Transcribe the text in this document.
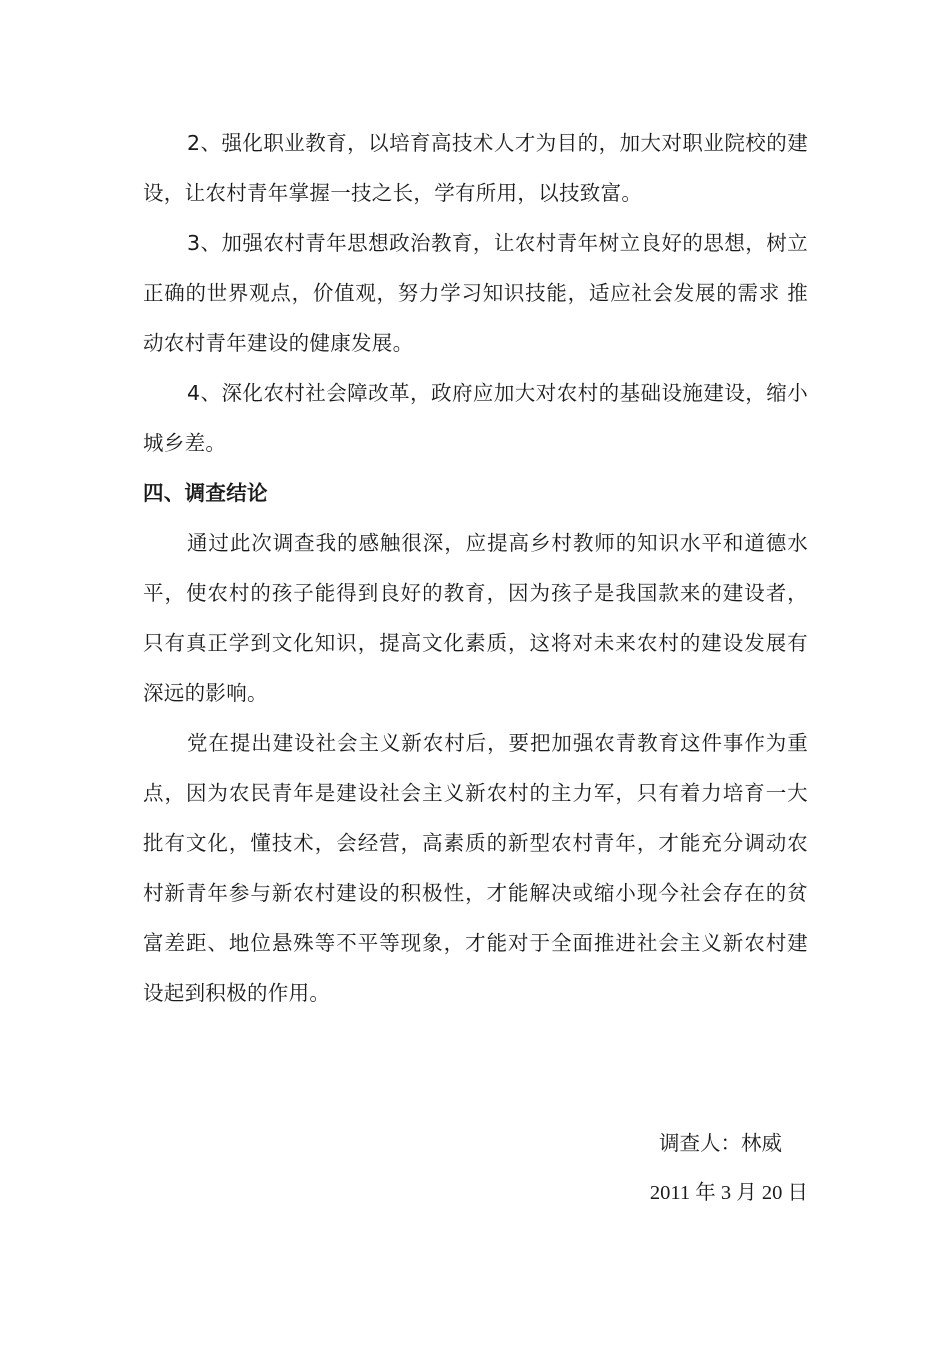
2、强化职业教育，以培育高技术人才为目的，加大对职业院校的建设，让农村青年掌握一技之长，学有所用，以技致富。

3、加强农村青年思想政治教育，让农村青年树立良好的思想，树立正确的世界观点，价值观，努力学习知识技能，适应社会发展的需求 推动农村青年建设的健康发展。

4、深化农村社会障改革，政府应加大对农村的基础设施建设，缩小城乡差。

四、调查结论

通过此次调查我的感触很深，应提高乡村教师的知识水平和道德水平，使农村的孩子能得到良好的教育，因为孩子是我国款来的建设者，只有真正学到文化知识，提高文化素质，这将对未来农村的建设发展有深远的影响。

党在提出建设社会主义新农村后，要把加强农青教育这件事作为重点，因为农民青年是建设社会主义新农村的主力军，只有着力培育一大批有文化，懂技术，会经营，高素质的新型农村青年，才能充分调动农村新青年参与新农村建设的积极性，才能解决或缩小现今社会存在的贫富差距、地位悬殊等不平等现象，才能对于全面推进社会主义新农村建设起到积极的作用。

调查人：林威
2011 年 3 月 20 日
